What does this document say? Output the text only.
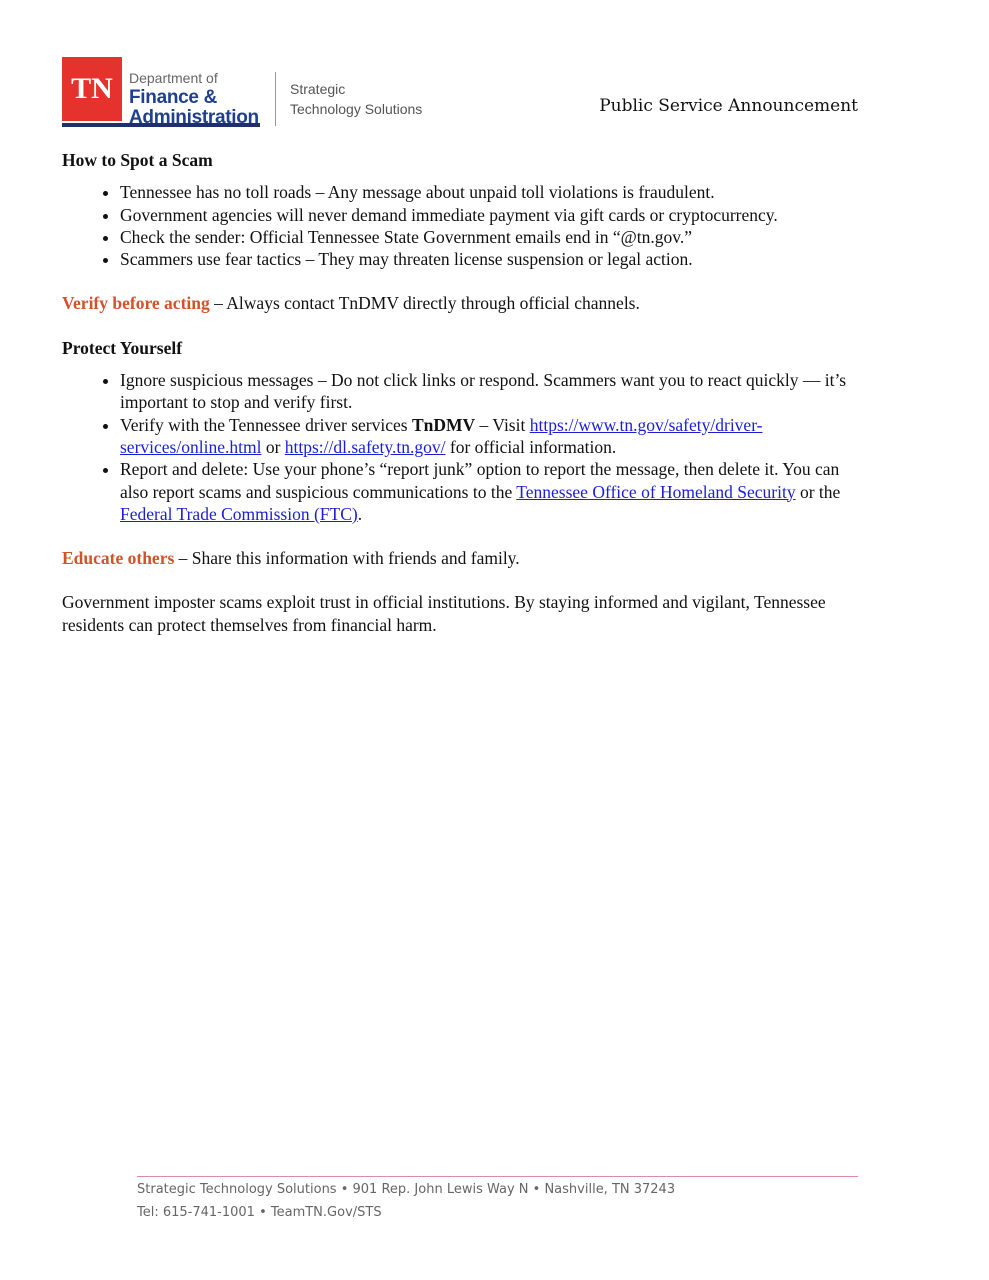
TN	Department of
Finance &
Administration
Strategic
Technology Solutions	Public Service Announcement

How to Spot a Scam

• Tennessee has no toll roads – Any message about unpaid toll violations is fraudulent.
• Government agencies will never demand immediate payment via gift cards or cryptocurrency.
• Check the sender: Official Tennessee State Government emails end in “@tn.gov.”
• Scammers use fear tactics – They may threaten license suspension or legal action.

Verify before acting – Always contact TnDMV directly through official channels.

Protect Yourself

• Ignore suspicious messages – Do not click links or respond. Scammers want you to react quickly — it’s important to stop and verify first.
• Verify with the Tennessee driver services TnDMV – Visit https://www.tn.gov/safety/driver-services/online.html or https://dl.safety.tn.gov/ for official information.
• Report and delete: Use your phone’s “report junk” option to report the message, then delete it. You can also report scams and suspicious communications to the Tennessee Office of Homeland Security or the Federal Trade Commission (FTC).

Educate others – Share this information with friends and family.

Government imposter scams exploit trust in official institutions. By staying informed and vigilant, Tennessee residents can protect themselves from financial harm.

Strategic Technology Solutions • 901 Rep. John Lewis Way N • Nashville, TN 37243
Tel: 615-741-1001 • TeamTN.Gov/STS
